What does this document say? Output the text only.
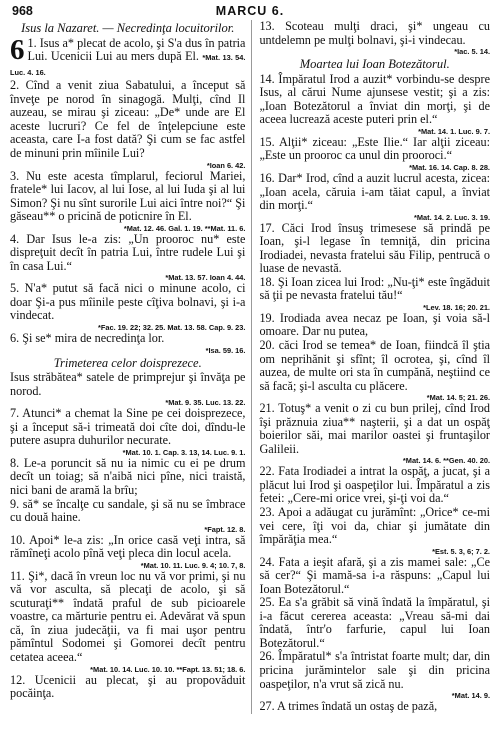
968	MARCU 6.
Isus la Nazaret. — Necredinţa locuitorilor.

6 1. Isus a* plecat de acolo, şi S'a dus în patria Lui. Ucenicii Lui au mers după El. *Mat. 13. 54. Luc. 4. 16.

2. Cînd a venit ziua Sabatului, a început să înveţe pe norod în sinagogă. Mulţi, cînd Il auzeau, se mirau şi ziceau: „De* unde are El aceste lucruri? Ce fel de înţelepciune este aceasta, care I-a fost dată? Şi cum se fac astfel de minuni prin mîinile Lui?

*Ioan 6. 42.

3. Nu este acesta tîmplarul, feciorul Mariei, fratele* lui Iacov, al lui Iose, al lui Iuda şi al lui Simon? Şi nu sînt surorile Lui aici între noi?“ Şi găseau** o pricină de poticnire în El.

*Mat. 12. 46. Gal. 1. 19. **Mat. 11. 6.

4. Dar Isus le-a zis: „Un prooroc nu* este dispreţuit decît în patria Lui, între rudele Lui şi în casa Lui.“

*Mat. 13. 57. Ioan 4. 44.

5. N'a* putut să facă nici o minune acolo, ci doar Şi-a pus mîinile peste cîţiva bolnavi, şi i-a vindecat.

*Fac. 19. 22; 32. 25. Mat. 13. 58. Cap. 9. 23.

6. Şi se* mira de necredinţa lor.

*Isa. 59. 16.
Trimeterea celor doisprezece.

Isus străbătea* satele de primprejur şi învăţa pe norod.

*Mat. 9. 35. Luc. 13. 22.

7. Atunci* a chemat la Sine pe cei doisprezece, şi a început să-i trimeată doi cîte doi, dîndu-le putere asupra duhurilor necurate.

*Mat. 10. 1. Cap. 3. 13, 14. Luc. 9. 1.

8. Le-a poruncit să nu ia nimic cu ei pe drum decît un toiag; să n'aibă nici pîne, nici traistă, nici bani de aramă la brîu;

9. să* se încalţe cu sandale, şi să nu se îmbrace cu două haine.

*Fapt. 12. 8.

10. Apoi* le-a zis: „In orice casă veţi intra, să rămîneţi acolo pînă veţi pleca din locul acela.

*Mat. 10. 11. Luc. 9. 4; 10. 7, 8.

11. Şi*, dacă în vreun loc nu vă vor primi, şi nu vă vor asculta, să plecaţi de acolo, şi să scuturaţi** îndată praful de sub picioarele voastre, ca mărturie pentru ei. Adevărat vă spun că, în ziua judecăţii, va fi mai uşor pentru pămîntul Sodomei şi Gomorei decît pentru cetatea aceea.“

*Mat. 10. 14. Luc. 10. 10. **Fapt. 13. 51; 18. 6.

12. Ucenicii au plecat, şi au propovăduit pocăinţa.

13. Scoteau mulţi draci, şi* ungeau cu untdelemn pe mulţi bolnavi, şi-i vindecau.

*Iac. 5. 14.
Moartea lui Ioan Botezătorul.

14. Împăratul Irod a auzit* vorbindu-se despre Isus, al cărui Nume ajunsese vestit; şi a zis: „Ioan Botezătorul a înviat din morţi, şi de aceea lucrează aceste puteri prin el.“

*Mat. 14. 1. Luc. 9. 7.

15. Alţii* ziceau: „Este Ilie.“ Iar alţii ziceau: „Este un prooroc ca unul din prooroci.“

*Mat. 16. 14. Cap. 8. 28.

16. Dar* Irod, cînd a auzit lucrul acesta, zicea: „Ioan acela, căruia i-am tăiat capul, a înviat din morţi.“

*Mat. 14. 2. Luc. 3. 19.

17. Căci Irod însuş trimesese să prindă pe Ioan, şi-l legase în temniţă, din pricina Irodiadei, nevasta fratelui său Filip, pentrucă o luase de nevastă.

18. Şi Ioan zicea lui Irod: „Nu-ţi* este îngăduit să ţii pe nevasta fratelui tău!“

*Lev. 18. 16; 20. 21.

19. Irodiada avea necaz pe Ioan, şi voia să-l omoare. Dar nu putea,

20. căci Irod se temea* de Ioan, fiindcă îl ştia om neprihănit şi sfînt; îl ocrotea, şi, cînd îl auzea, de multe ori sta în cumpănă, neştiind ce să facă; şi-l asculta cu plăcere.

*Mat. 14. 5; 21. 26.

21. Totuş* a venit o zi cu bun prilej, cînd Irod îşi prăznuia ziua** naşterii, şi a dat un ospăţ boierilor săi, mai marilor oastei şi fruntaşilor Galileii.

*Mat. 14. 6. **Gen. 40. 20.

22. Fata Irodiadei a intrat la ospăţ, a jucat, şi a plăcut lui Irod şi oaspeţilor lui. Împăratul a zis fetei: „Cere-mi orice vrei, şi-ţi voi da.“

23. Apoi a adăugat cu jurămînt: „Orice* ce-mi vei cere, îţi voi da, chiar şi jumătate din împărăţia mea.“

*Est. 5. 3, 6; 7. 2.

24. Fata a ieşit afară, şi a zis mamei sale: „Ce să cer?“ Şi mamă-sa i-a răspuns: „Capul lui Ioan Botezătorul.“

25. Ea s'a grăbit să vină îndată la împăratul, şi i-a făcut cererea aceasta: „Vreau să-mi dai îndată, într'o farfurie, capul lui Ioan Botezătorul.“

26. Împăratul* s'a întristat foarte mult; dar, din pricina jurămintelor sale şi din pricina oaspeţilor, n'a vrut să zică nu.

*Mat. 14. 9.

27. A trimes îndată un ostaş de pază,
